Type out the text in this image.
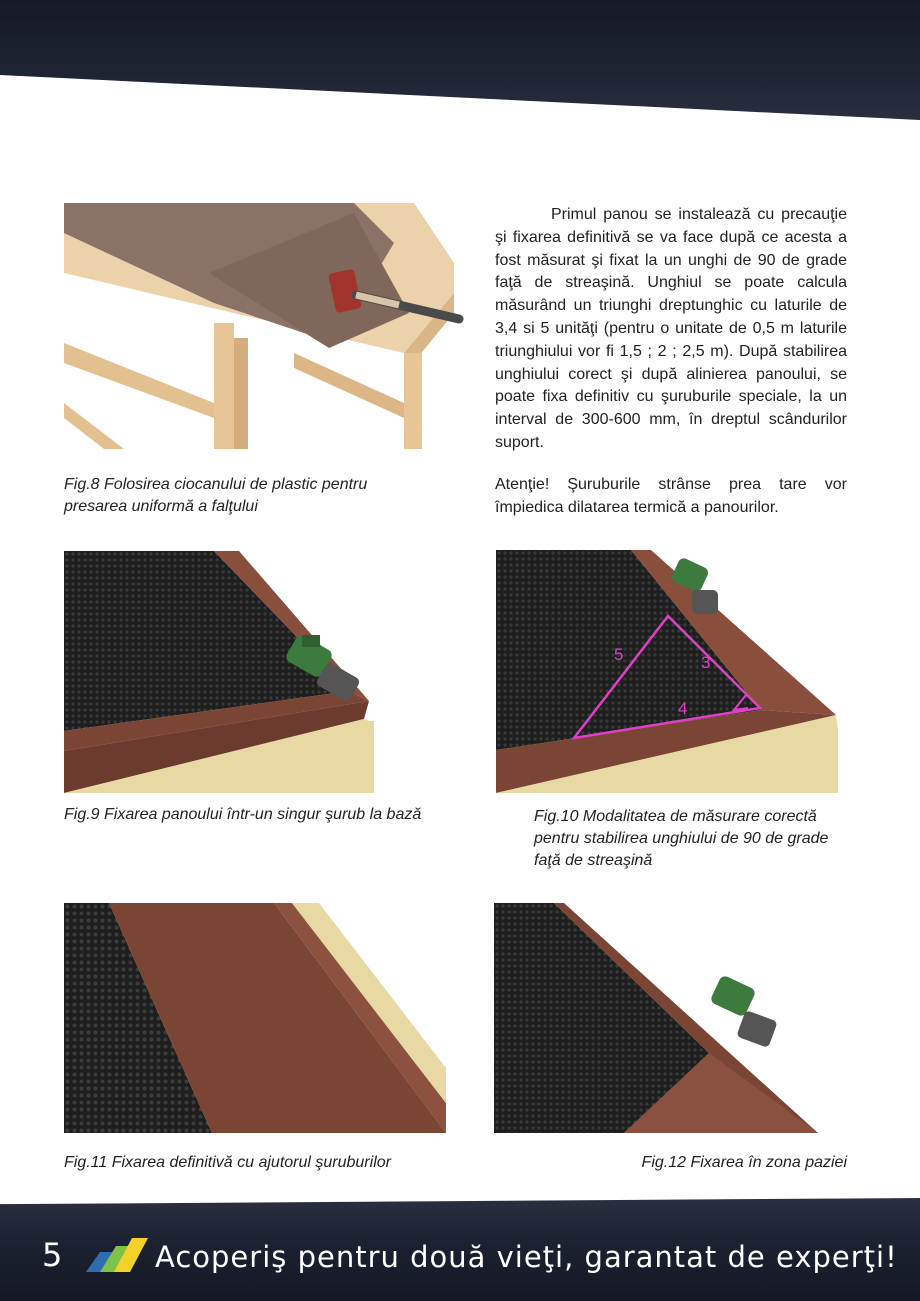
Primul panou se instalează cu precauţie şi fixarea definitivă se va face după ce acesta a fost măsurat şi fixat la un unghi de 90 de grade faţă de streaşină. Unghiul se poate calcula măsurând un triunghi dreptunghic cu laturile de 3,4 si 5 unităţi (pentru o unitate de 0,5 m laturile triunghiului vor fi 1,5 ; 2 ; 2,5 m). După stabilirea unghiului corect şi după alinierea panoului, se poate fixa definitiv cu şuruburile speciale, la un interval de 300-600 mm, în dreptul scândurilor suport.
Fig.8 Folosirea ciocanului de plastic pentru presarea uniformă a falţului
Atenţie! Şuruburile strânse prea tare vor împiedica dilatarea termică a panourilor.
5	3
4
Fig.9 Fixarea panoului într-un singur şurub la bază	Fig.10 Modalitatea de măsurare corectă pentru stabilirea unghiului de 90 de grade faţă de streaşină
Fig.11 Fixarea definitivă cu ajutorul şuruburilor	Fig.12 Fixarea în zona paziei
5	Acoperiş pentru două vieţi, garantat de experţi!
